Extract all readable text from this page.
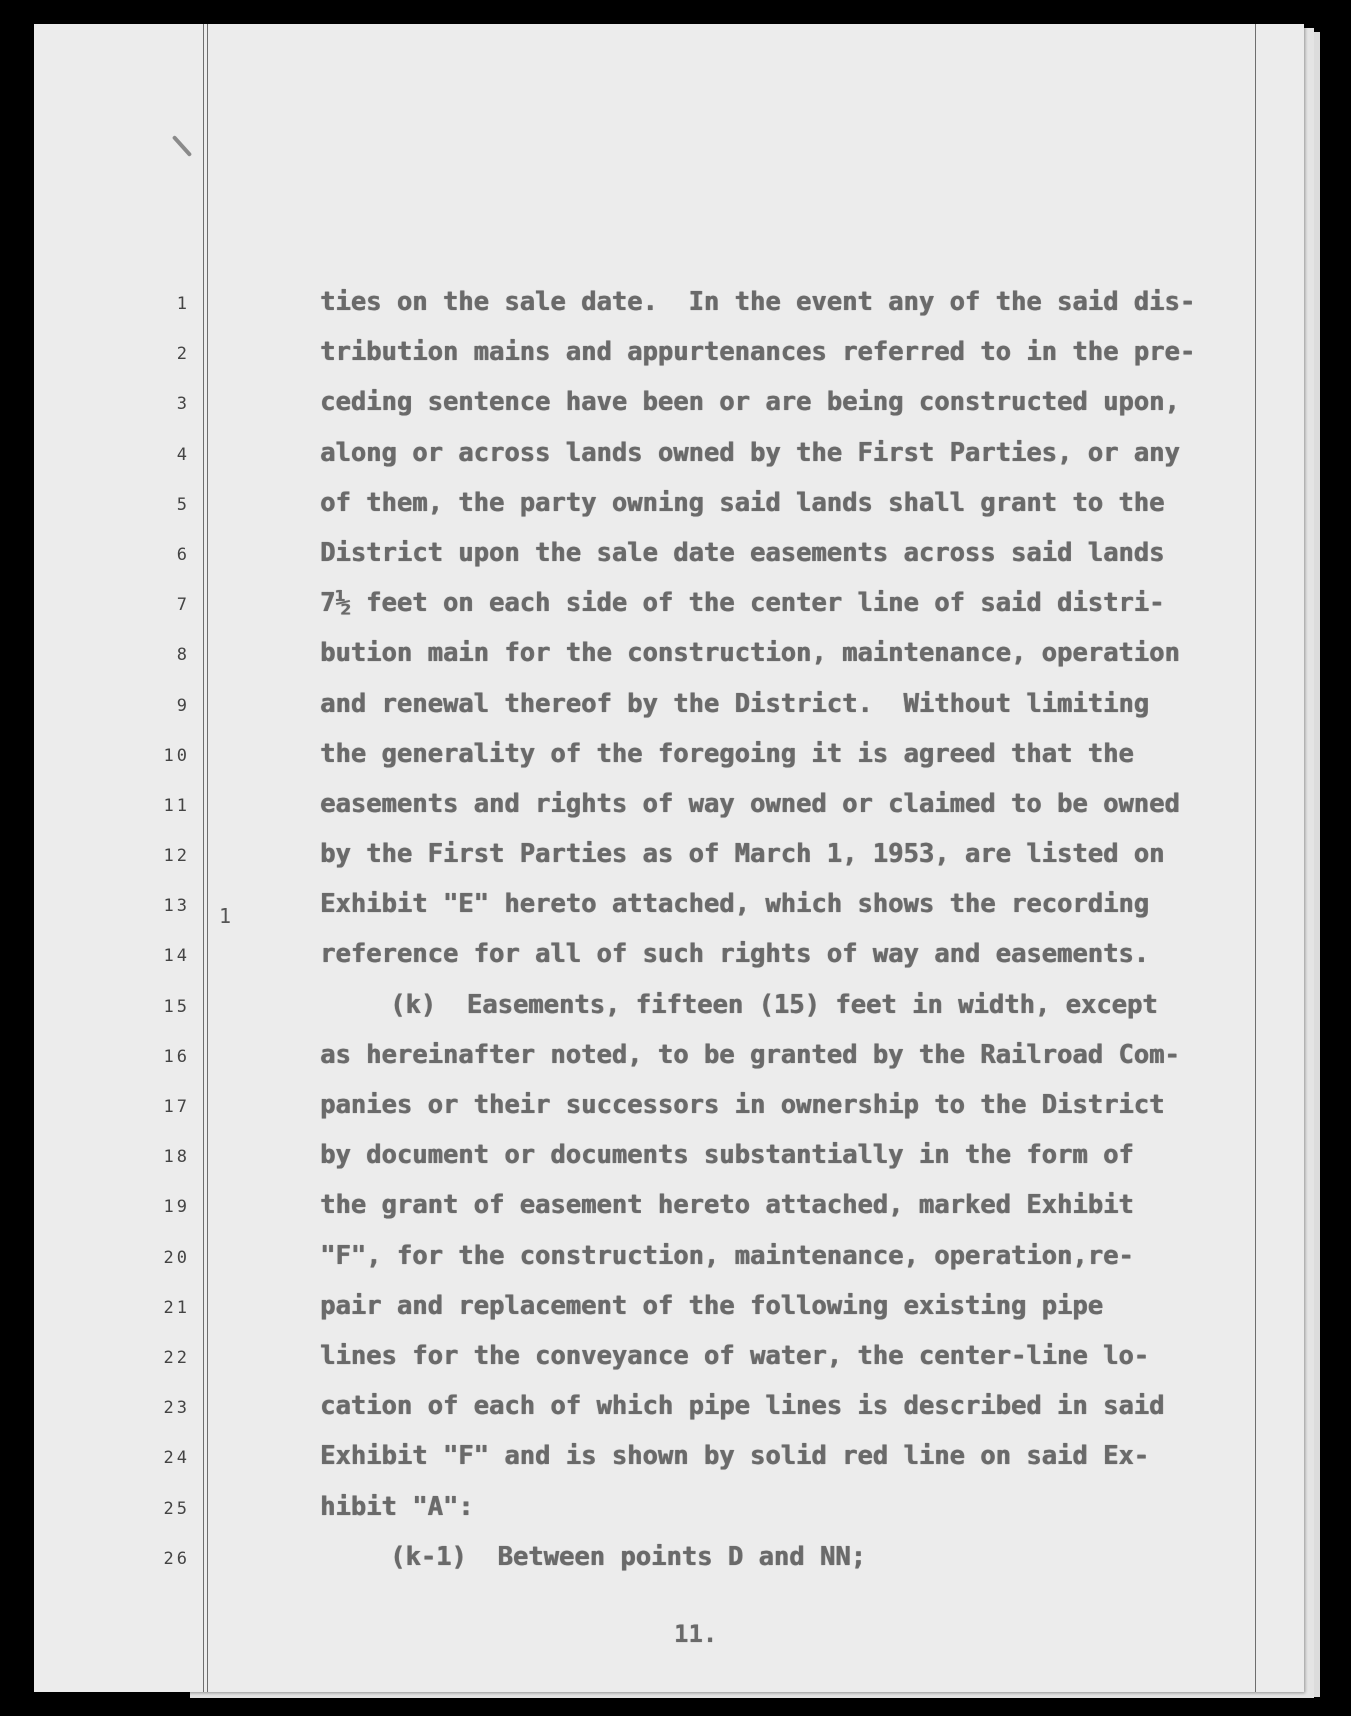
1
2
3
4
5
6
7
8
9
10
11
12
13
14
15
16
17
18
19
20
21
22
23
24
25
26
1
ties on the sale date.  In the event any of the said dis-
tribution mains and appurtenances referred to in the pre-
ceding sentence have been or are being constructed upon,
along or across lands owned by the First Parties, or any
of them, the party owning said lands shall grant to the
District upon the sale date easements across said lands
7½ feet on each side of the center line of said distri-
bution main for the construction, maintenance, operation
and renewal thereof by the District.  Without limiting
the generality of the foregoing it is agreed that the
easements and rights of way owned or claimed to be owned
by the First Parties as of March 1, 1953, are listed on
Exhibit "E" hereto attached, which shows the recording
reference for all of such rights of way and easements.
(k)  Easements, fifteen (15) feet in width, except
as hereinafter noted, to be granted by the Railroad Com-
panies or their successors in ownership to the District
by document or documents substantially in the form of
the grant of easement hereto attached, marked Exhibit
"F", for the construction, maintenance, operation,re-
pair and replacement of the following existing pipe
lines for the conveyance of water, the center-line lo-
cation of each of which pipe lines is described in said
Exhibit "F" and is shown by solid red line on said Ex-
hibit "A":
(k-1)  Between points D and NN;
11.
